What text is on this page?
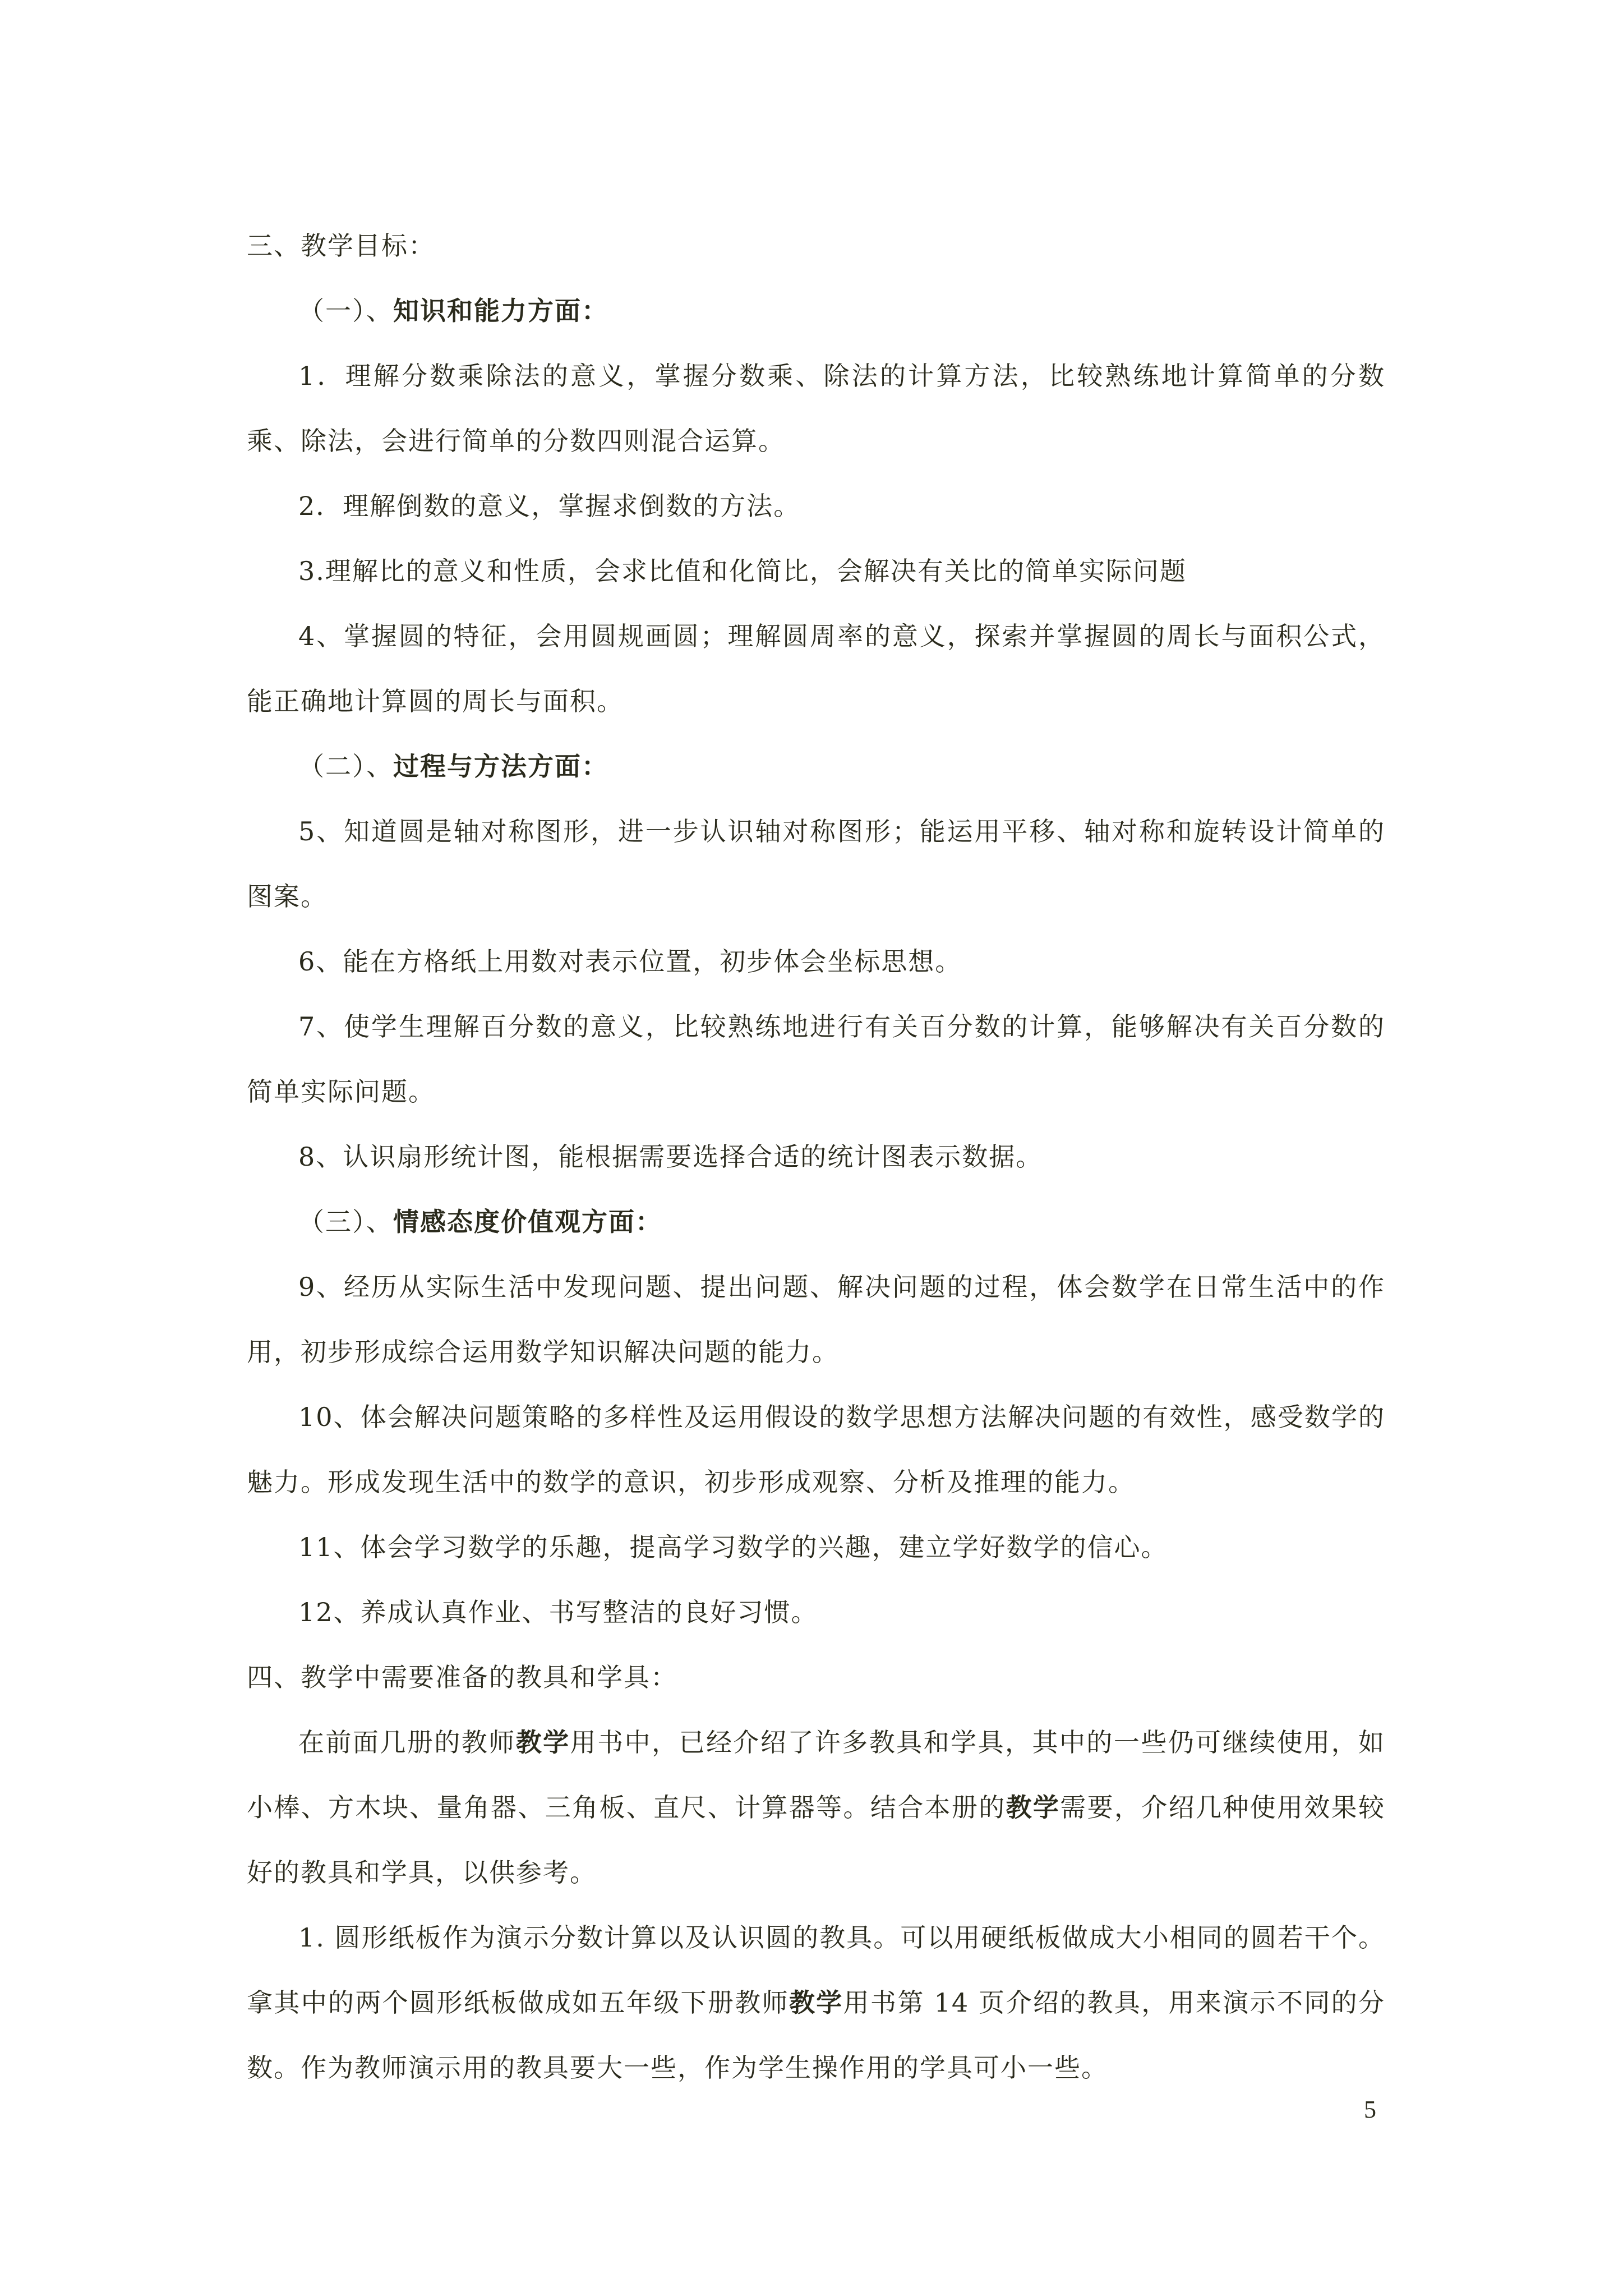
三、教学目标：

（一）、知识和能力方面：

1．理解分数乘除法的意义，掌握分数乘、除法的计算方法，比较熟练地计算简单的分数乘、除法，会进行简单的分数四则混合运算。

2．理解倒数的意义，掌握求倒数的方法。

3.理解比的意义和性质，会求比值和化简比，会解决有关比的简单实际问题

4、掌握圆的特征，会用圆规画圆；理解圆周率的意义，探索并掌握圆的周长与面积公式，能正确地计算圆的周长与面积。

（二）、过程与方法方面：

5、知道圆是轴对称图形，进一步认识轴对称图形；能运用平移、轴对称和旋转设计简单的图案。

6、能在方格纸上用数对表示位置，初步体会坐标思想。

7、使学生理解百分数的意义，比较熟练地进行有关百分数的计算，能够解决有关百分数的简单实际问题。

8、认识扇形统计图，能根据需要选择合适的统计图表示数据。

（三）、情感态度价值观方面：

9、经历从实际生活中发现问题、提出问题、解决问题的过程，体会数学在日常生活中的作用，初步形成综合运用数学知识解决问题的能力。

10、体会解决问题策略的多样性及运用假设的数学思想方法解决问题的有效性，感受数学的魅力。形成发现生活中的数学的意识，初步形成观察、分析及推理的能力。

11、体会学习数学的乐趣，提高学习数学的兴趣，建立学好数学的信心。

12、养成认真作业、书写整洁的良好习惯。

四、教学中需要准备的教具和学具：

在前面几册的教师教学用书中，已经介绍了许多教具和学具，其中的一些仍可继续使用，如小棒、方木块、量角器、三角板、直尺、计算器等。结合本册的教学需要，介绍几种使用效果较好的教具和学具，以供参考。

1. 圆形纸板作为演示分数计算以及认识圆的教具。可以用硬纸板做成大小相同的圆若干个。拿其中的两个圆形纸板做成如五年级下册教师教学用书第 14 页介绍的教具，用来演示不同的分数。作为教师演示用的教具要大一些，作为学生操作用的学具可小一些。

5
